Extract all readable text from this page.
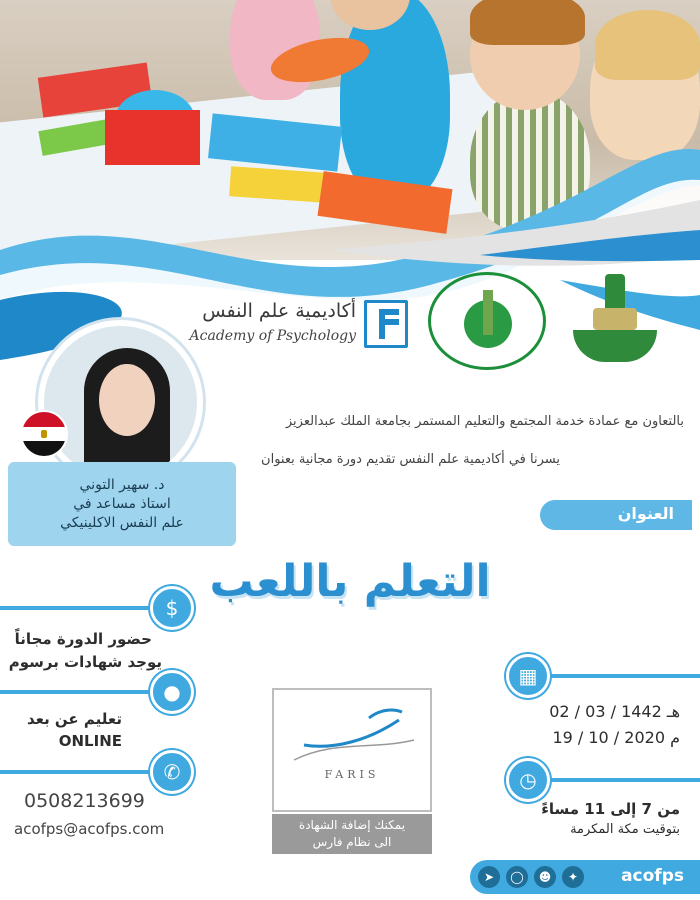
أكاديمية علم النفس
Academy of Psychology
بالتعاون مع عمادة خدمة المجتمع والتعليم المستمر بجامعة الملك عبدالعزيز
يسرنا في أكاديمية علم النفس تقديم دورة مجانية بعنوان
د. سهير التوني
استاذ مساعد في
علم النفس الاكلينيكي	العنوان
التعلم باللعب
$
حضور الدورة مجاناً
يوجد شهادات برسوم
●
تعليم عن بعد
ONLINE
✆
0508213699
acofps@acofps.com
▦
02 / 03 / 1442 هـ
19 / 10 / 2020 م
◷
من 7 إلى 11 مساءً
بتوقيت مكة المكرمة
FARIS
يمكنك إضافة الشهادة
الى نظام فارس
➤	◯	☻	✦	acofps
